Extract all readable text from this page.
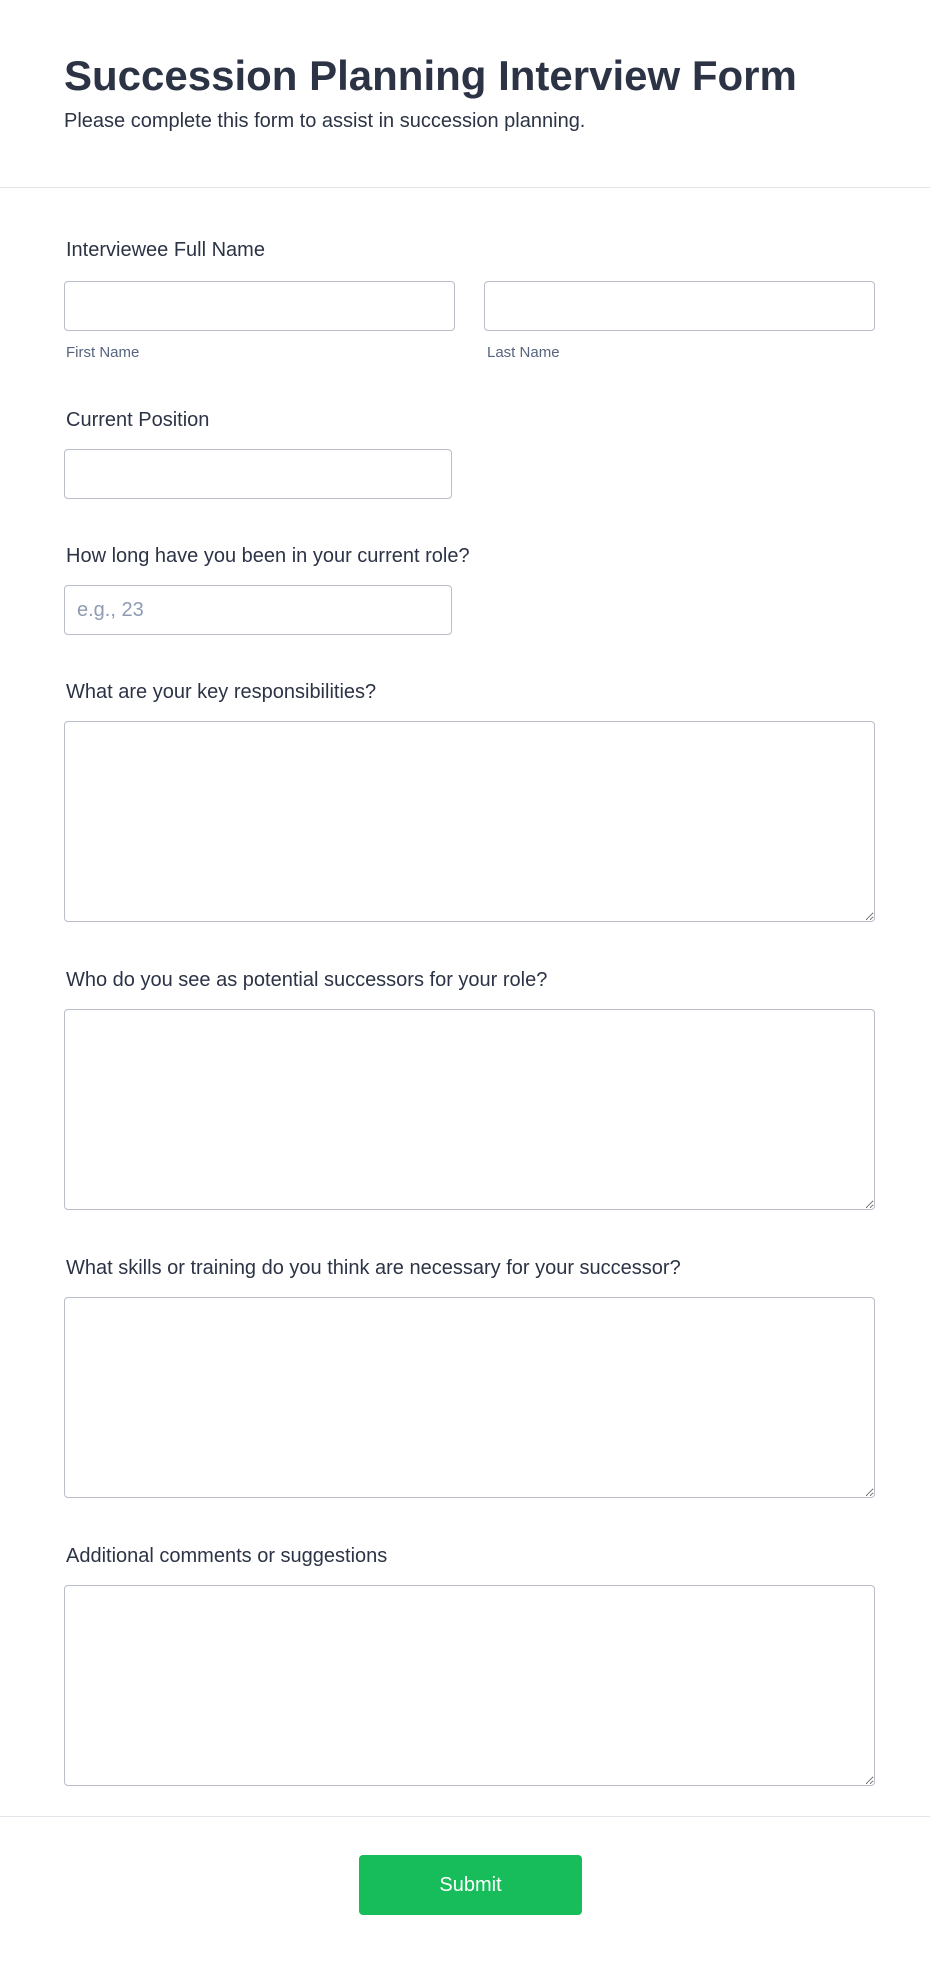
Succession Planning Interview Form

Please complete this form to assist in succession planning.

Interviewee Full Name
First Name	Last Name
Current Position
How long have you been in your current role?
e.g., 23
What are your key responsibilities?
Who do you see as potential successors for your role?
What skills or training do you think are necessary for your successor?
Additional comments or suggestions
Submit
